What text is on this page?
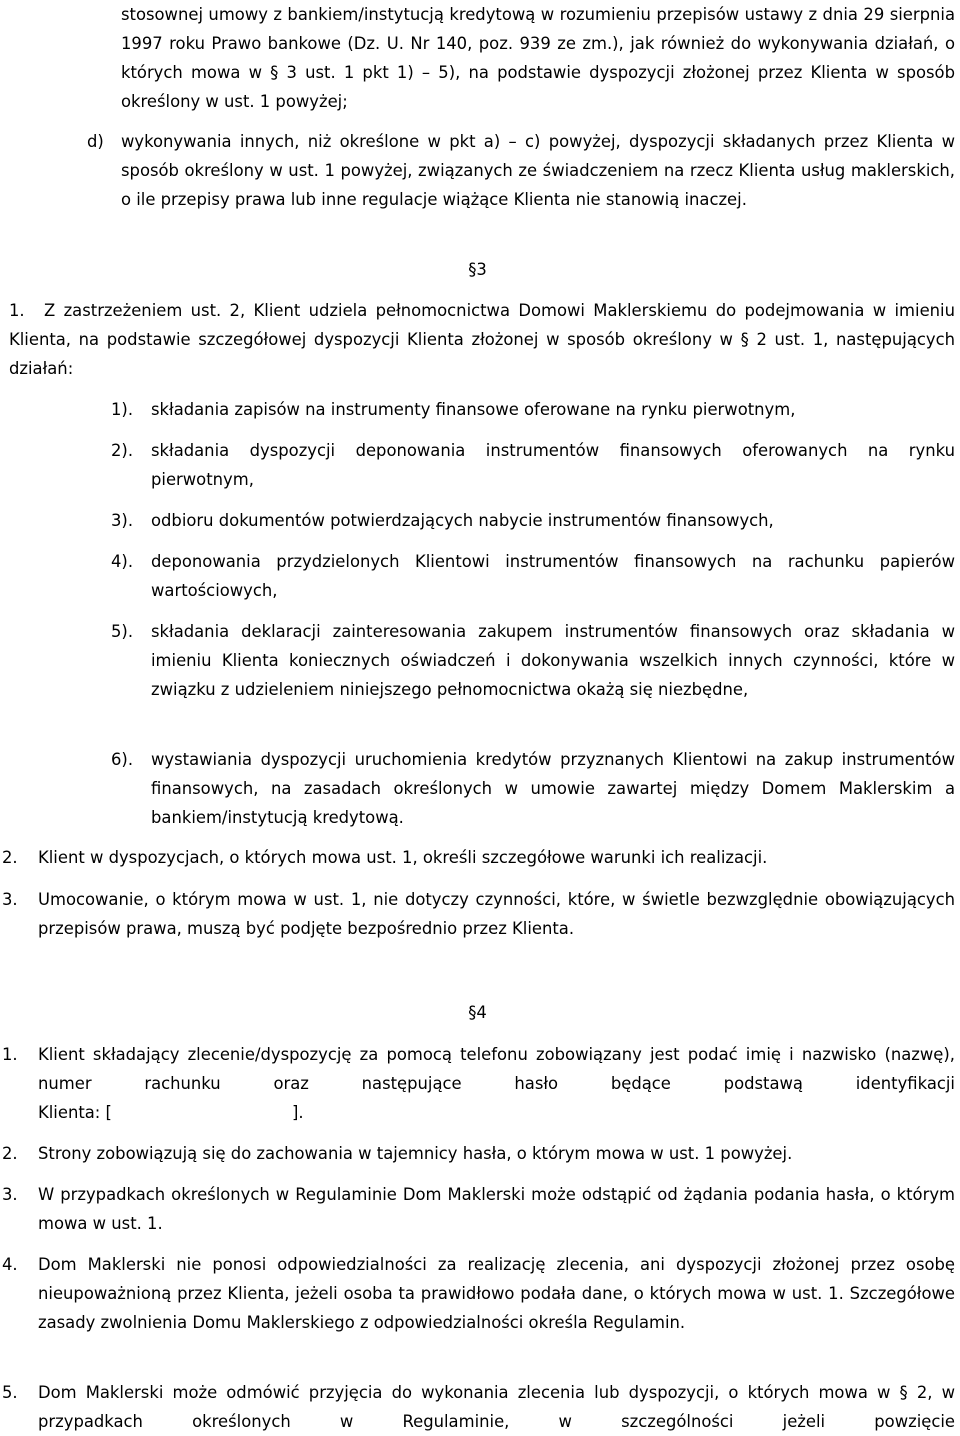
stosownej umowy z bankiem/instytucją kredytową w rozumieniu przepisów ustawy z dnia 29 sierpnia 1997 roku Prawo bankowe (Dz. U. Nr 140, poz. 939 ze zm.), jak również do wykonywania działań, o których mowa w § 3 ust. 1 pkt 1) – 5), na podstawie dyspozycji złożonej przez Klienta w sposób określony w ust. 1 powyżej;

d) wykonywania innych, niż określone w pkt a) – c) powyżej, dyspozycji składanych przez Klienta w sposób określony w ust. 1 powyżej, związanych ze świadczeniem na rzecz Klienta usług maklerskich, o ile przepisy prawa lub inne regulacje wiążące Klienta nie stanowią inaczej.

§3
1.	Z zastrzeżeniem ust. 2, Klient udziela pełnomocnictwa Domowi Maklerskiemu do podejmowania w imieniu Klienta, na podstawie szczegółowej dyspozycji Klienta złożonej w sposób określony w § 2 ust. 1, następujących działań:

1). składania zapisów na instrumenty finansowe oferowane na rynku pierwotnym,

2). składania dyspozycji deponowania instrumentów finansowych oferowanych na rynku pierwotnym,

3). odbioru dokumentów potwierdzających nabycie instrumentów finansowych,

4). deponowania przydzielonych Klientowi instrumentów finansowych na rachunku papierów wartościowych,

5). składania deklaracji zainteresowania zakupem instrumentów finansowych oraz składania w imieniu Klienta koniecznych oświadczeń i dokonywania wszelkich innych czynności, które w związku z udzieleniem niniejszego pełnomocnictwa okażą się niezbędne,

6). wystawiania dyspozycji uruchomienia kredytów przyznanych Klientowi na zakup instrumentów finansowych, na zasadach określonych w umowie zawartej między Domem Maklerskim a bankiem/instytucją kredytową.

2. Klient w dyspozycjach, o których mowa ust. 1, określi szczegółowe warunki ich realizacji.

3. Umocowanie, o którym mowa w ust. 1, nie dotyczy czynności, które, w świetle bezwzględnie obowiązujących przepisów prawa, muszą być podjęte bezpośrednio przez Klienta.

§4
1. Klient składający zlecenie/dyspozycję za pomocą telefonu zobowiązany jest podać imię i nazwisko (nazwę), numer rachunku oraz następujące hasło będące podstawą identyfikacji

Klienta: [	].

2. Strony zobowiązują się do zachowania w tajemnicy hasła, o którym mowa w ust. 1 powyżej.

3. W przypadkach określonych w Regulaminie Dom Maklerski może odstąpić od żądania podania hasła, o którym mowa w ust. 1.

4. Dom Maklerski nie ponosi odpowiedzialności za realizację zlecenia, ani dyspozycji złożonej przez osobę nieupoważnioną przez Klienta, jeżeli osoba ta prawidłowo podała dane, o których mowa w ust. 1. Szczegółowe zasady zwolnienia Domu Maklerskiego z odpowiedzialności określa Regulamin.

5. Dom Maklerski może odmówić przyjęcia do wykonania zlecenia lub dyspozycji, o których mowa w § 2, w przypadkach określonych w Regulaminie, w szczególności jeżeli powzięcie
